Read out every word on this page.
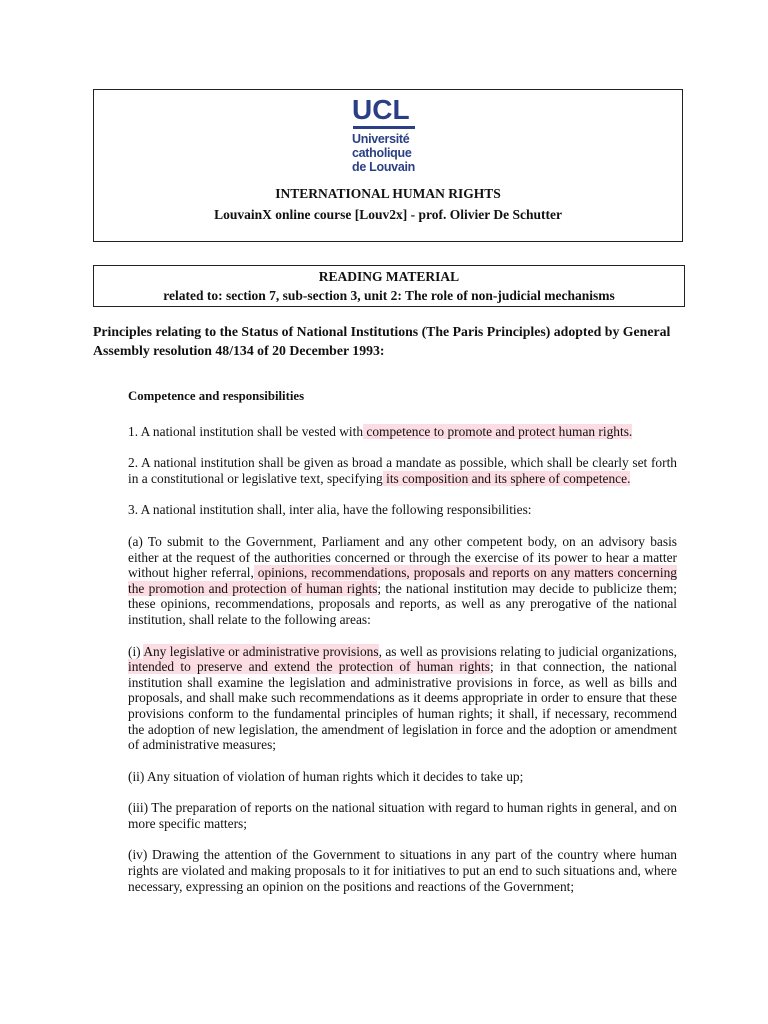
UCL
Université
catholique
de Louvain
INTERNATIONAL HUMAN RIGHTS
LouvainX online course [Louv2x] - prof. Olivier De Schutter
READING MATERIAL
related to: section 7, sub-section 3, unit 2: The role of non-judicial mechanisms
Principles relating to the Status of National Institutions (The Paris Principles) adopted by General Assembly resolution 48/134 of 20 December 1993:

Competence and responsibilities

1. A national institution shall be vested with competence to promote and protect human rights.

2. A national institution shall be given as broad a mandate as possible, which shall be clearly set forth in a constitutional or legislative text, specifying its composition and its sphere of competence.

3. A national institution shall, inter alia, have the following responsibilities:

(a) To submit to the Government, Parliament and any other competent body, on an advisory basis either at the request of the authorities concerned or through the exercise of its power to hear a matter without higher referral, opinions, recommendations, proposals and reports on any matters concerning the promotion and protection of human rights; the national institution may decide to publicize them; these opinions, recommendations, proposals and reports, as well as any prerogative of the national institution, shall relate to the following areas:

(i) Any legislative or administrative provisions, as well as provisions relating to judicial organizations, intended to preserve and extend the protection of human rights; in that connection, the national institution shall examine the legislation and administrative provisions in force, as well as bills and proposals, and shall make such recommendations as it deems appropriate in order to ensure that these provisions conform to the fundamental principles of human rights; it shall, if necessary, recommend the adoption of new legislation, the amendment of legislation in force and the adoption or amendment of administrative measures;

(ii) Any situation of violation of human rights which it decides to take up;

(iii) The preparation of reports on the national situation with regard to human rights in general, and on more specific matters;

(iv) Drawing the attention of the Government to situations in any part of the country where human rights are violated and making proposals to it for initiatives to put an end to such situations and, where necessary, expressing an opinion on the positions and reactions of the Government;
